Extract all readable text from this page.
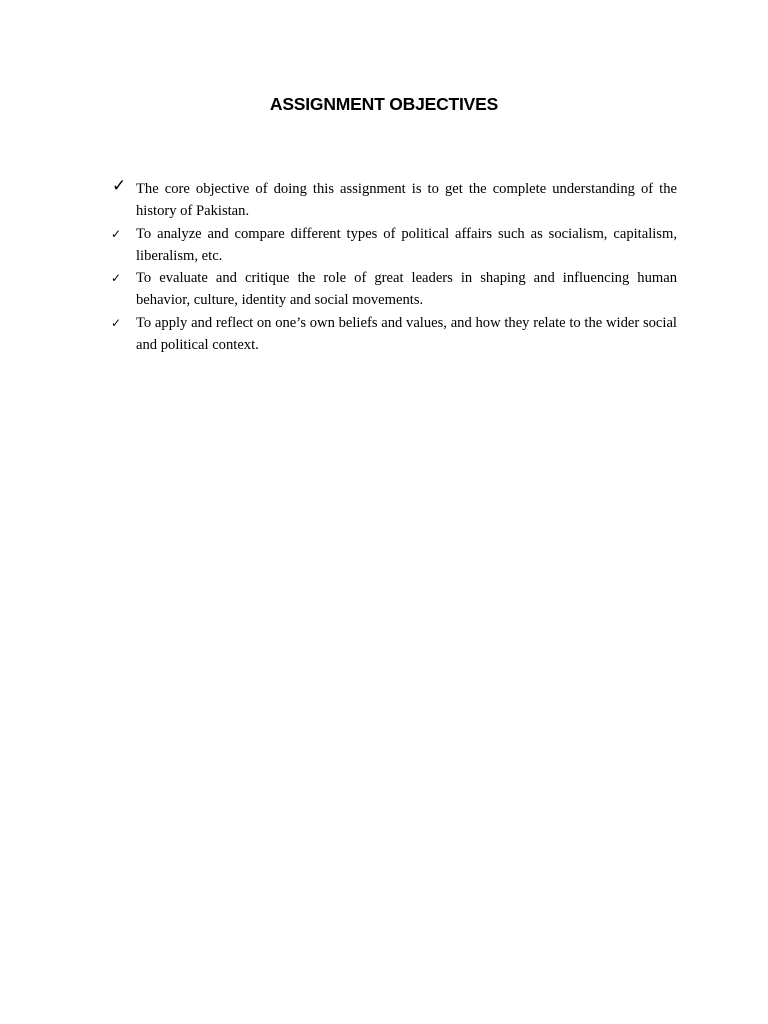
ASSIGNMENT OBJECTIVES
✓ The core objective of doing this assignment is to get the complete understanding of the history of Pakistan.
✓	To analyze and compare different types of political affairs such as socialism, capitalism, liberalism, etc.
✓	To evaluate and critique the role of great leaders in shaping and influencing human behavior, culture, identity and social movements.
✓	To apply and reflect on one’s own beliefs and values, and how they relate to the wider social and political context.
